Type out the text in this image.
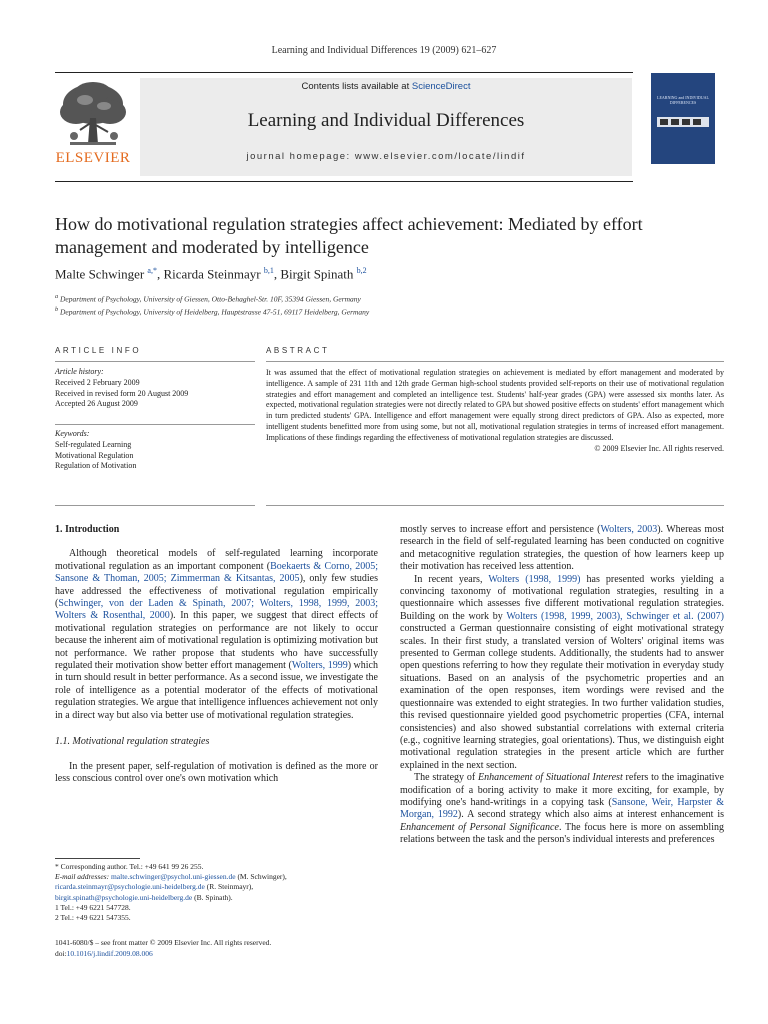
Learning and Individual Differences 19 (2009) 621–627
ELSEVIER
Contents lists available at ScienceDirect
Learning and Individual Differences
journal homepage: www.elsevier.com/locate/lindif
LEARNING and INDIVIDUAL DIFFERENCES
How do motivational regulation strategies affect achievement: Mediated by effort management and moderated by intelligence
Malte Schwinger $^{a,*}$, Ricarda Steinmayr $^{b,1}$, Birgit Spinath $^{b,2}$
$^a$ Department of Psychology, University of Giessen, Otto-Behaghel-Str. 10F, 35394 Giessen, Germany
$^b$ Department of Psychology, University of Heidelberg, Hauptstrasse 47-51, 69117 Heidelberg, Germany
ARTICLE INFO	ABSTRACT
Article history:
Received 2 February 2009
Received in revised form 20 August 2009
Accepted 26 August 2009
Keywords:
Self-regulated Learning
Motivational Regulation
Regulation of Motivation
It was assumed that the effect of motivational regulation strategies on achievement is mediated by effort management and moderated by intelligence. A sample of 231 11th and 12th grade German high-school students provided self-reports on their use of motivational regulation strategies and effort management and completed an intelligence test. Students' half-year grades (GPA) were assessed six months later. As expected, motivational regulation strategies were not directly related to GPA but showed positive effects on students' effort management which in turn predicted students' GPA. Intelligence and effort management were equally strong direct predictors of GPA. Also as expected, more intelligent students benefitted more from using some, but not all, motivational regulation strategies in terms of increased effort management. Implications of these findings regarding the effectiveness of motivational regulation strategies are discussed.
© 2009 Elsevier Inc. All rights reserved.
1. Introduction

Although theoretical models of self-regulated learning incorporate motivational regulation as an important component (Boekaerts & Corno, 2005; Sansone & Thoman, 2005; Zimmerman & Kitsantas, 2005), only few studies have addressed the effectiveness of motivational regulation empirically (Schwinger, von der Laden & Spinath, 2007; Wolters, 1998, 1999, 2003; Wolters & Rosenthal, 2000). In this paper, we suggest that direct effects of motivational regulation strategies on performance are not likely to occur because the inherent aim of motivational regulation is optimizing motivation but not performance. We rather propose that students who have successfully regulated their motivation show better effort management (Wolters, 1999) which in turn should result in better performance. As a second issue, we investigate the role of intelligence as a potential moderator of the effects of motivational regulation strategies. We argue that intelligence influences achievement not only in a direct way but also via better use of motivational regulation strategies.

1.1. Motivational regulation strategies

In the present paper, self-regulation of motivation is defined as the more or less conscious control over one's own motivation which

mostly serves to increase effort and persistence (Wolters, 2003). Whereas most research in the field of self-regulated learning has been conducted on cognitive and metacognitive regulation strategies, the question of how learners keep up their motivation has received less attention.

In recent years, Wolters (1998, 1999) has presented works yielding a convincing taxonomy of motivational regulation strategies, resulting in a questionnaire which assesses five different motivational regulation strategies. Building on the work by Wolters (1998, 1999, 2003), Schwinger et al. (2007) constructed a German questionnaire consisting of eight motivational strategy scales. In their first study, a translated version of Wolters' original items was presented to German college students. Additionally, the students had to answer open questions referring to how they regulate their motivation in everyday study situations. Based on an analysis of the psychometric properties and an examination of the open responses, item wordings were revised and the questionnaire was extended to eight strategies. In two further validation studies, this revised questionnaire yielded good psychometric properties (CFA, internal consistencies) and also showed substantial correlations with external criteria (e.g., cognitive learning strategies, goal orientations). Thus, we distinguish eight motivational regulation strategies in the present article which are further explained in the next section.

The strategy of Enhancement of Situational Interest refers to the imaginative modification of a boring activity to make it more exciting, for example, by modifying one's hand-writings in a copying task (Sansone, Weir, Harpster & Morgan, 1992). A second strategy which also aims at interest enhancement is Enhancement of Personal Significance. The focus here is more on assembling relations between the task and the person's individual interests and preferences

* Corresponding author. Tel.: +49 641 99 26 255.
E-mail addresses: malte.schwinger@psychol.uni-giessen.de (M. Schwinger),
ricarda.steinmayr@psychologie.uni-heidelberg.de (R. Steinmayr),
birgit.spinath@psychologie.uni-heidelberg.de (B. Spinath).
1 Tel.: +49 6221 547728.
2 Tel.: +49 6221 547355.
1041-6080/$ – see front matter © 2009 Elsevier Inc. All rights reserved.
doi:10.1016/j.lindif.2009.08.006
